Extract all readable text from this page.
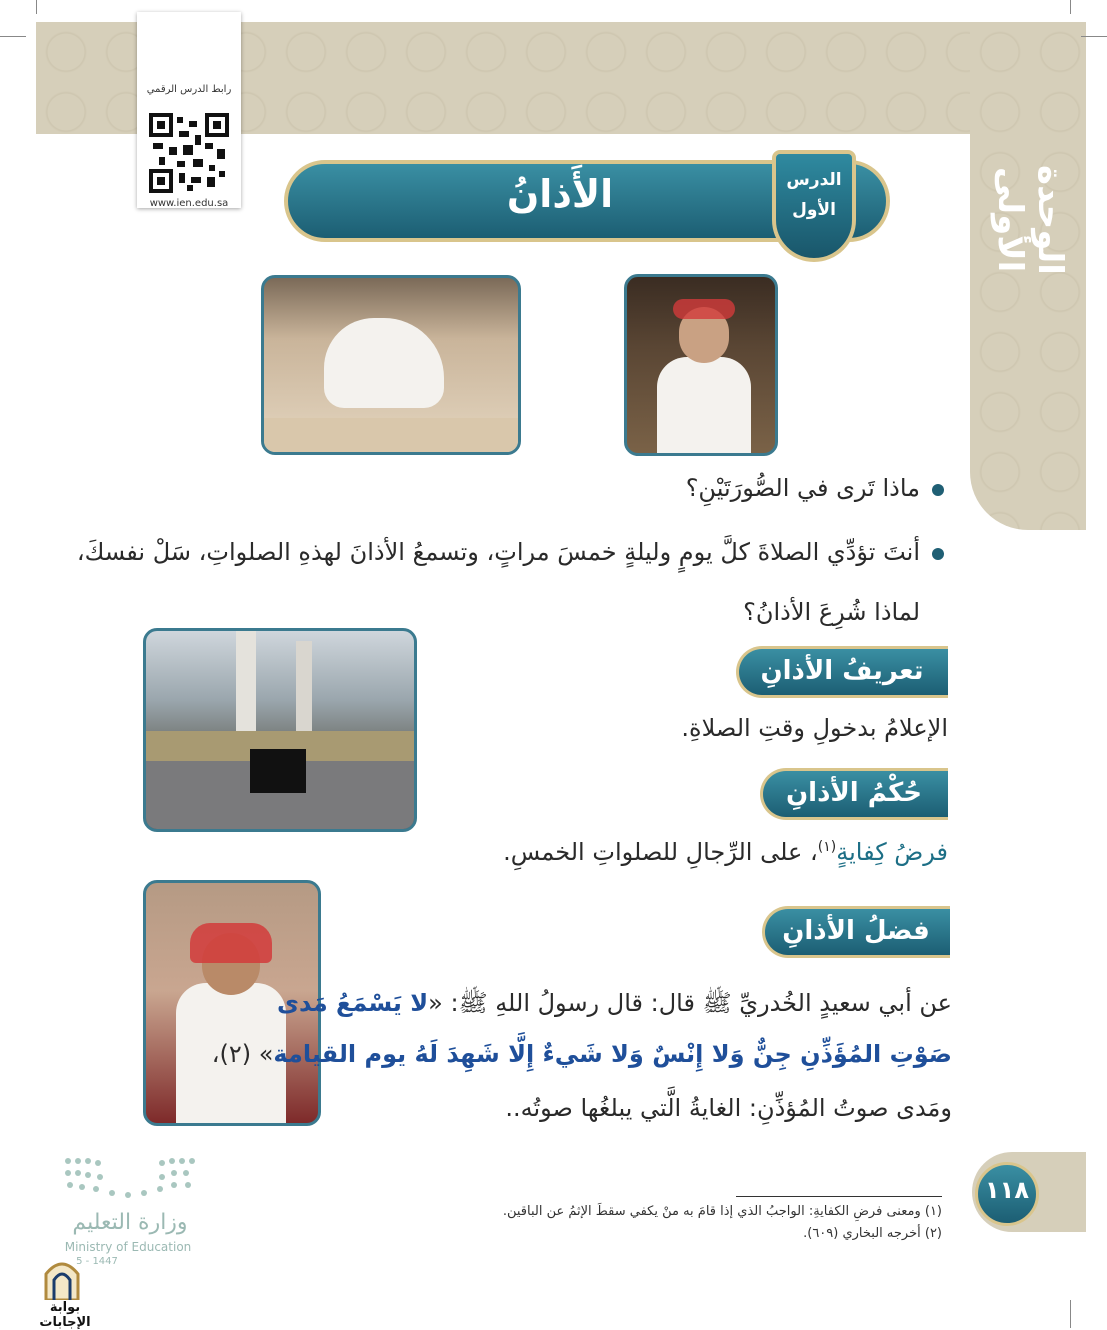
الوحدة الأولى
رابط الدرس الرقمي
www.ien.edu.sa	الأَذانُ	الدرس
الأول
ماذا تَرى في الصُّورَتَيْنِ؟
أنتَ تؤدِّي الصلاةَ كلَّ يومٍ وليلةٍ خمسَ مراتٍ، وتسمعُ الأذانَ لهذهِ الصلواتِ، سَلْ نفسكَ،
لماذا شُرِعَ الأذانُ؟
تعريفُ الأذانِ
الإعلامُ بدخولِ وقتِ الصلاةِ.
حُكْمُ الأذانِ
فرضُ كِفايةٍ$^{(١)}$، على الرِّجالِ للصلواتِ الخمسِ.
فضلُ الأذانِ
عن أبي سعيدٍ الخُدريِّ ﷺ قال: قال رسولُ اللهِ ﷺ: «لا يَسْمَعُ مَدى
صَوْتِ المُؤَذِّنِ جِنٌّ وَلا إِنْسٌ وَلا شَيءٌ إِلَّا شَهِدَ لَهُ يوم القيامة» (٢)،
ومَدى صوتُ المُؤذِّنِ: الغايةُ الَّتي يبلغُها صوتُه..
١١٨
(١) ومعنى فرضِ الكفايةِ: الواجبُ الذي إذا قامَ به منْ يكفي سقطَ الإثمُ عن الباقين.
(٢) أخرجه البخاري (٦٠٩).
وزارة التعليم
Ministry of Education
5 - 1447
بوابة الإجابات
